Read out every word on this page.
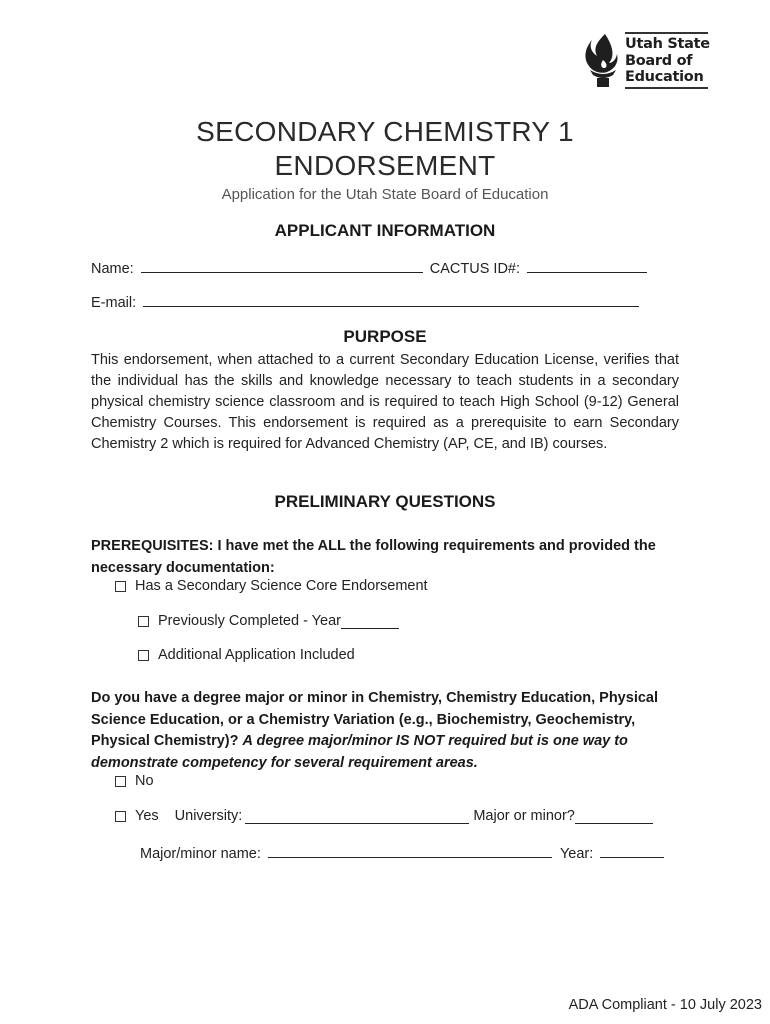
Utah State
Board of
Education
SECONDARY CHEMISTRY 1
ENDORSEMENT
Application for the Utah State Board of Education
APPLICANT INFORMATION
Name:	CACTUS ID#:
E-mail:
PURPOSE
This endorsement, when attached to a current Secondary Education License, verifies that the individual has the skills and knowledge necessary to teach students in a secondary physical chemistry science classroom and is required to teach High School (9-12) General Chemistry Courses. This endorsement is required as a prerequisite to earn Secondary Chemistry 2 which is required for Advanced Chemistry (AP, CE, and IB) courses.
PRELIMINARY QUESTIONS
PREREQUISITES: I have met the ALL the following requirements and provided the necessary documentation:
Has a Secondary Science Core Endorsement
Previously Completed - Year
Additional Application Included
Do you have a degree major or minor in Chemistry, Chemistry Education, Physical Science Education, or a Chemistry Variation (e.g., Biochemistry, Geochemistry, Physical Chemistry)? A degree major/minor IS NOT required but is one way to demonstrate competency for several requirement areas.
No
Yes University:	Major or minor?
Major/minor name:	Year:
ADA Compliant - 10 July 2023
